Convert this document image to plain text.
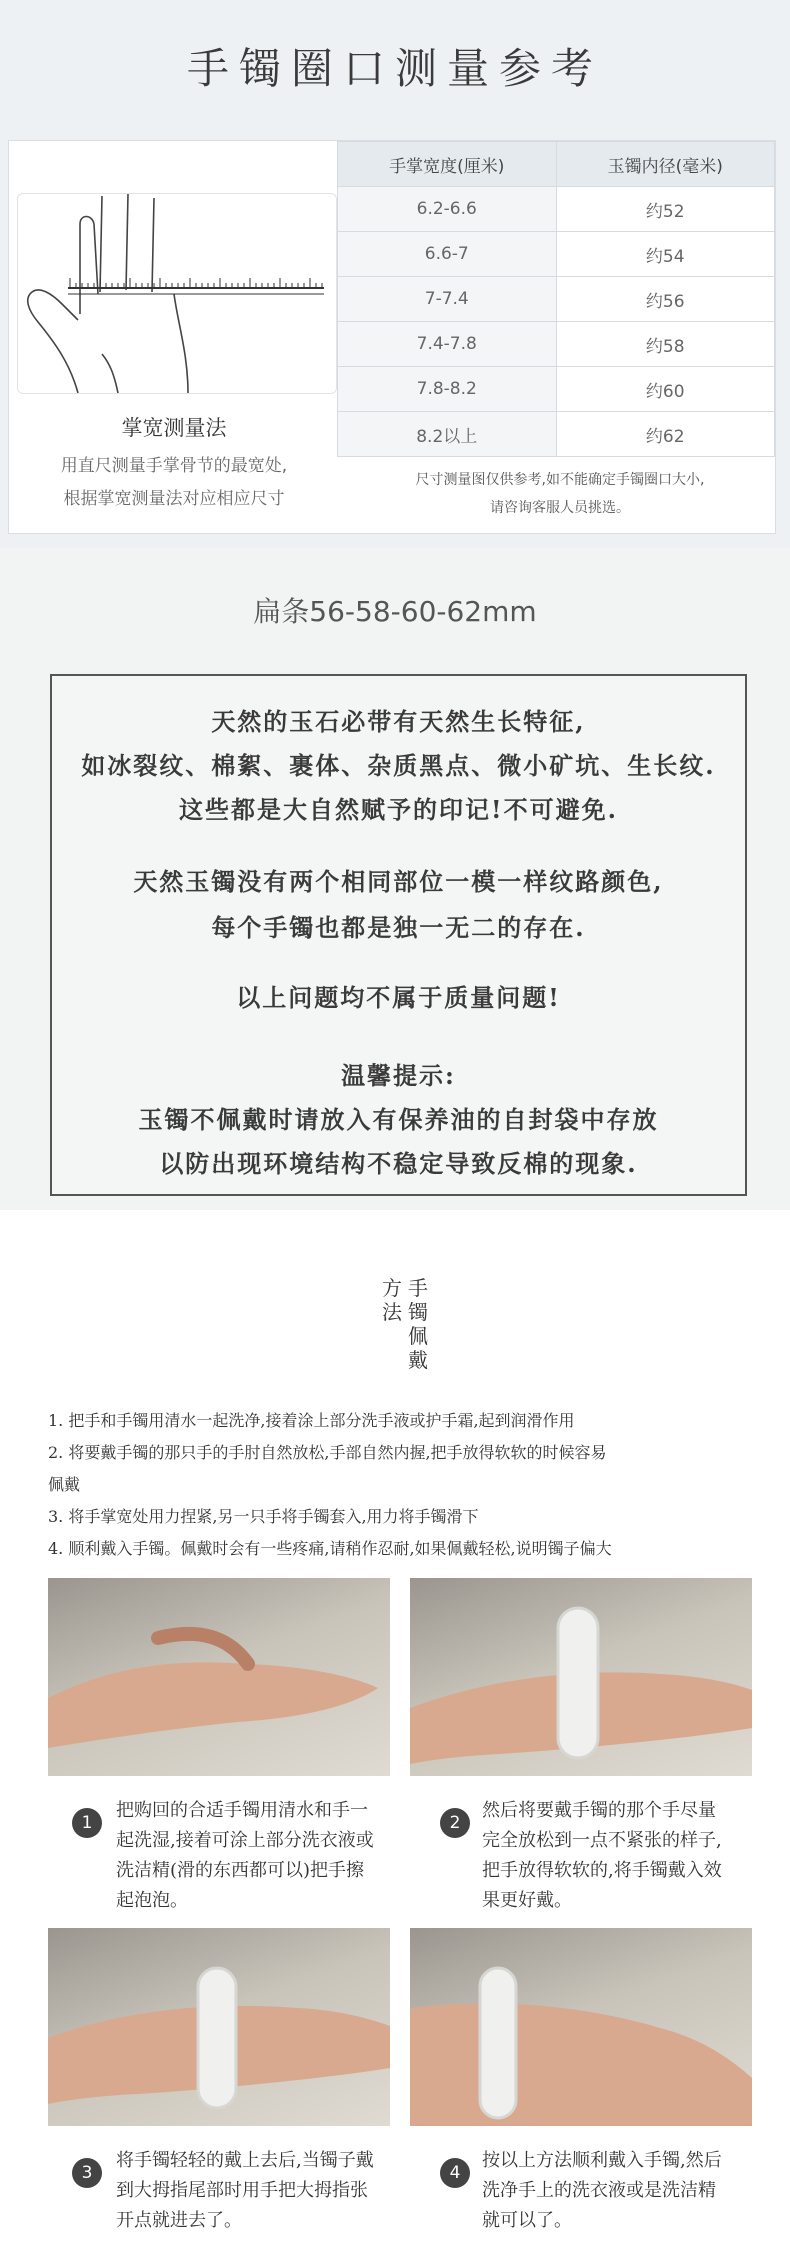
手镯圈口测量参考
掌宽测量法
用直尺测量手掌骨节的最宽处,
根据掌宽测量法对应相应尺寸
手掌宽度(厘米)	玉镯内径(毫米)
6.2-6.6	约52
6.6-7	约54
7-7.4	约56
7.4-7.8	约58
7.8-8.2	约60
8.2以上	约62
尺寸测量图仅供参考,如不能确定手镯圈口大小,
请咨询客服人员挑选。
扁条56-58-60-62mm
天然的玉石必带有天然生长特征,
如冰裂纹、棉絮、裹体、杂质黑点、微小矿坑、生长纹.
这些都是大自然赋予的印记!不可避免.
天然玉镯没有两个相同部位一模一样纹路颜色,
每个手镯也都是独一无二的存在.
以上问题均不属于质量问题!
温馨提示:
玉镯不佩戴时请放入有保养油的自封袋中存放
以防出现环境结构不稳定导致反棉的现象.
手镯佩戴
方法
1. 把手和手镯用清水一起洗净,接着涂上部分洗手液或护手霜,起到润滑作用
2. 将要戴手镯的那只手的手肘自然放松,手部自然内握,把手放得软软的时候容易
佩戴
3. 将手掌宽处用力捏紧,另一只手将手镯套入,用力将手镯滑下
4. 顺利戴入手镯。佩戴时会有一些疼痛,请稍作忍耐,如果佩戴轻松,说明镯子偏大
1
把购回的合适手镯用清水和手一起洗湿,接着可涂上部分洗衣液或洗洁精(滑的东西都可以)把手擦起泡泡。
2
然后将要戴手镯的那个手尽量完全放松到一点不紧张的样子,把手放得软软的,将手镯戴入效果更好戴。
3
将手镯轻轻的戴上去后,当镯子戴到大拇指尾部时用手把大拇指张开点就进去了。
4
按以上方法顺利戴入手镯,然后洗净手上的洗衣液或是洗洁精就可以了。
